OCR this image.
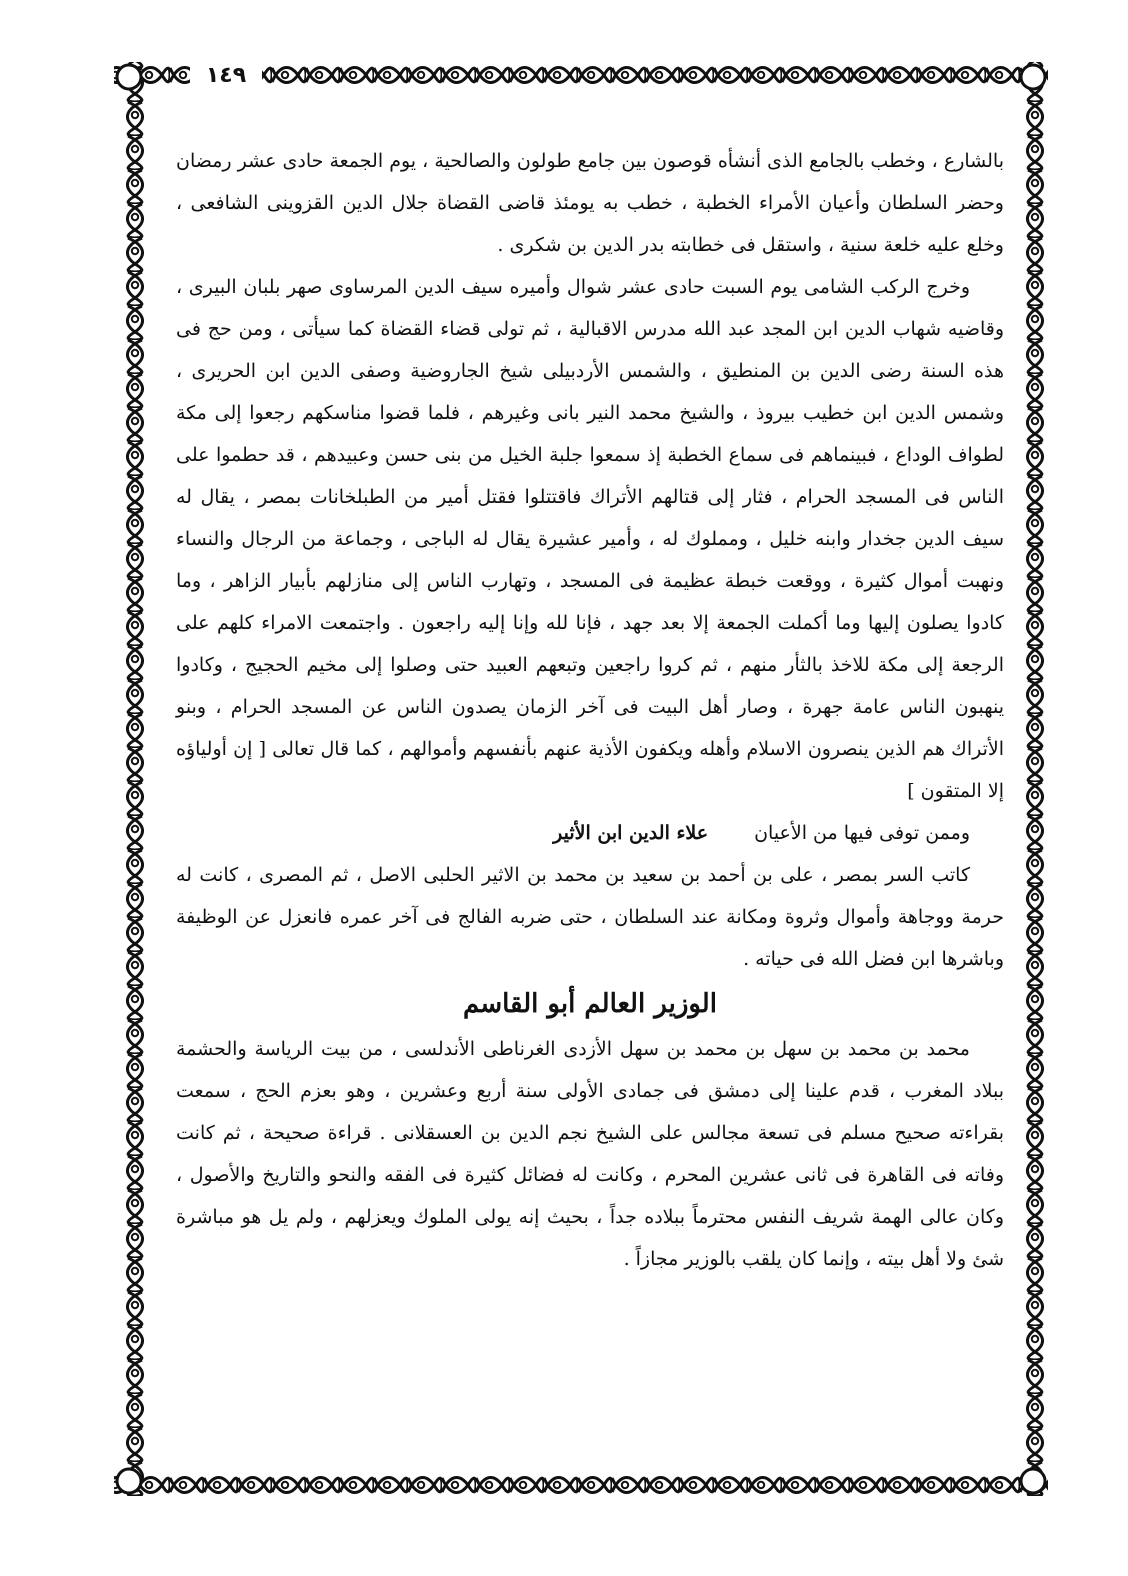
١٤٩

بالشارع ، وخطب بالجامع الذى أنشأه قوصون بين جامع طولون والصالحية ، يوم الجمعة حادى عشر رمضان وحضر السلطان وأعيان الأمراء الخطبة ، خطب به يومئذ قاضى القضاة جلال الدين القزوينى الشافعى ، وخلع عليه خلعة سنية ، واستقل فى خطابته بدر الدين بن شكرى .

وخرج الركب الشامى يوم السبت حادى عشر شوال وأميره سيف الدين المرساوى صهر بلبان البيرى ، وقاضيه شهاب الدين ابن المجد عبد الله مدرس الاقبالية ، ثم تولى قضاء القضاة كما سيأتى ، ومن حج فى هذه السنة رضى الدين بن المنطيق ، والشمس الأردبيلى شيخ الجاروضية وصفى الدين ابن الحريرى ، وشمس الدين ابن خطيب بيروذ ، والشيخ محمد النير بانى وغيرهم ، فلما قضوا مناسكهم رجعوا إلى مكة لطواف الوداع ، فبينماهم فى سماع الخطبة إذ سمعوا جلبة الخيل من بنى حسن وعبيدهم ، قد حطموا على الناس فى المسجد الحرام ، فثار إلى قتالهم الأتراك فاقتتلوا فقتل أمير من الطبلخانات بمصر ، يقال له سيف الدين جخدار وابنه خليل ، ومملوك له ، وأمير عشيرة يقال له الباجى ، وجماعة من الرجال والنساء ونهبت أموال كثيرة ، ووقعت خبطة عظيمة فى المسجد ، وتهارب الناس إلى منازلهم بأبيار الزاهر ، وما كادوا يصلون إليها وما أكملت الجمعة إلا بعد جهد ، فإنا لله وإنا إليه راجعون . واجتمعت الامراء كلهم على الرجعة إلى مكة للاخذ بالثأر منهم ، ثم كروا راجعين وتبعهم العبيد حتى وصلوا إلى مخيم الحجيج ، وكادوا ينهبون الناس عامة جهرة ، وصار أهل البيت فى آخر الزمان يصدون الناس عن المسجد الحرام ، وبنو الأتراك هم الذين ينصرون الاسلام وأهله ويكفون الأذية عنهم بأنفسهم وأموالهم ، كما قال تعالى [ إن أولياؤه إلا المتقون ]

وممن توفى فيها من الأعيان
علاء الدين ابن الأثير

كاتب السر بمصر ، على بن أحمد بن سعيد بن محمد بن الاثير الحلبى الاصل ، ثم المصرى ، كانت له حرمة ووجاهة وأموال وثروة ومكانة عند السلطان ، حتى ضربه الفالج فى آخر عمره فانعزل عن الوظيفة وباشرها ابن فضل الله فى حياته .

الوزير العالم أبو القاسم

محمد بن محمد بن سهل بن محمد بن سهل الأزدى الغرناطى الأندلسى ، من بيت الرياسة والحشمة ببلاد المغرب ، قدم علينا إلى دمشق فى جمادى الأولى سنة أربع وعشرين ، وهو بعزم الحج ، سمعت بقراءته صحيح مسلم فى تسعة مجالس على الشيخ نجم الدين بن العسقلانى . قراءة صحيحة ، ثم كانت وفاته فى القاهرة فى ثانى عشرين المحرم ، وكانت له فضائل كثيرة فى الفقه والنحو والتاريخ والأصول ، وكان عالى الهمة شريف النفس محترماً ببلاده جداً ، بحيث إنه يولى الملوك ويعزلهم ، ولم يل هو مباشرة شئ ولا أهل بيته ، وإنما كان يلقب بالوزير مجازاً .
